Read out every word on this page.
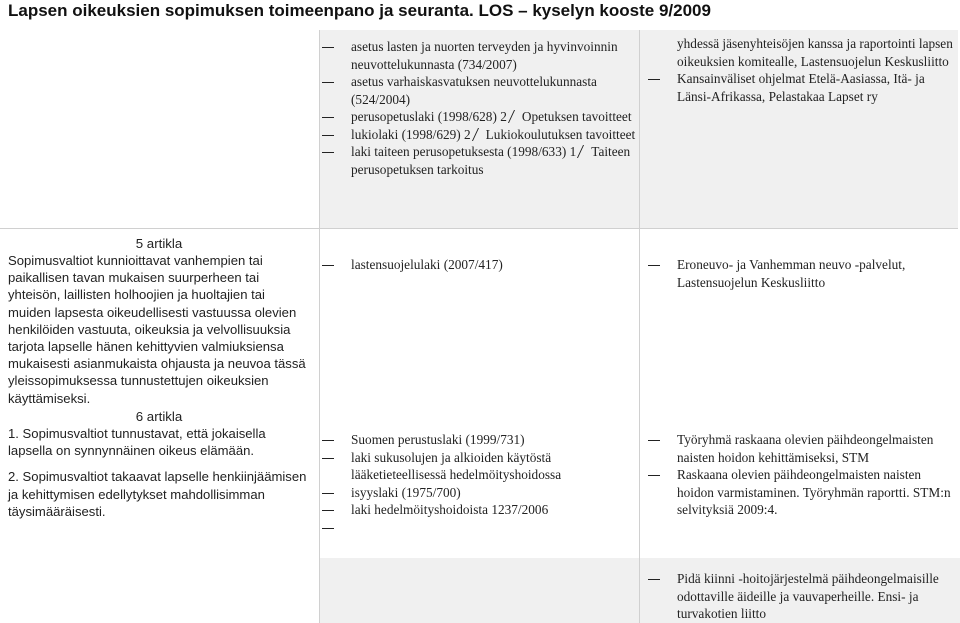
Lapsen oikeuksien sopimuksen toimeenpano ja seuranta. LOS – kyselyn kooste 9/2009
asetus lasten ja nuorten terveyden ja hyvinvoinnin neuvottelukunnasta (734/2007)
asetus varhaiskasvatuksen neuvottelukunnasta (524/2004)
perusopetuslaki (1998/628) 2 Opetuksen tavoitteet
lukiolaki (1998/629) 2 Lukiokoulutuksen tavoitteet
laki taiteen perusopetuksesta (1998/633) 1 Taiteen perusopetuksen tarkoitus
yhdessä jäsenyhteisöjen kanssa ja raportointi lapsen oikeuksien komitealle, Lastensuojelun Keskusliitto
Kansainväliset ohjelmat Etelä-Aasiassa, Itä- ja Länsi-Afrikassa, Pelastakaa Lapset ry
5 artikla
Sopimusvaltiot kunnioittavat vanhempien tai paikallisen tavan mukaisen suurperheen tai yhteisön, laillisten holhoojien ja huoltajien tai muiden lapsesta oikeudellisesti vastuussa olevien henkilöiden vastuuta, oikeuksia ja velvollisuuksia tarjota lapselle hänen kehittyvien valmiuksiensa mukaisesti asianmukaista ohjausta ja neuvoa tässä yleissopimuksessa tunnustettujen oikeuksien käyttämiseksi.
lastensuojelulaki (2007/417)	Eroneuvo- ja Vanhemman neuvo -palvelut, Lastensuojelun Keskusliitto
6 artikla
1. Sopimusvaltiot tunnustavat, että jokaisella lapsella on synnynnäinen oikeus elämään.
2. Sopimusvaltiot takaavat lapselle henkiinjäämisen ja kehittymisen edellytykset mahdollisimman täysimääräisesti.
Suomen perustuslaki (1999/731)
laki sukusolujen ja alkioiden käytöstä lääketieteellisessä hedelmöityshoidossa
isyyslaki (1975/700)
laki hedelmöityshoidoista 1237/2006
Työryhmä raskaana olevien päihdeongelmaisten naisten hoidon kehittämiseksi, STM
Raskaana olevien päihdeongelmaisten naisten hoidon varmistaminen. Työryhmän raportti. STM:n selvityksiä 2009:4.
Pidä kiinni -hoitojärjestelmä päihdeongelmaisille odottaville äideille ja vauvaperheille. Ensi- ja turvakotien liitto
